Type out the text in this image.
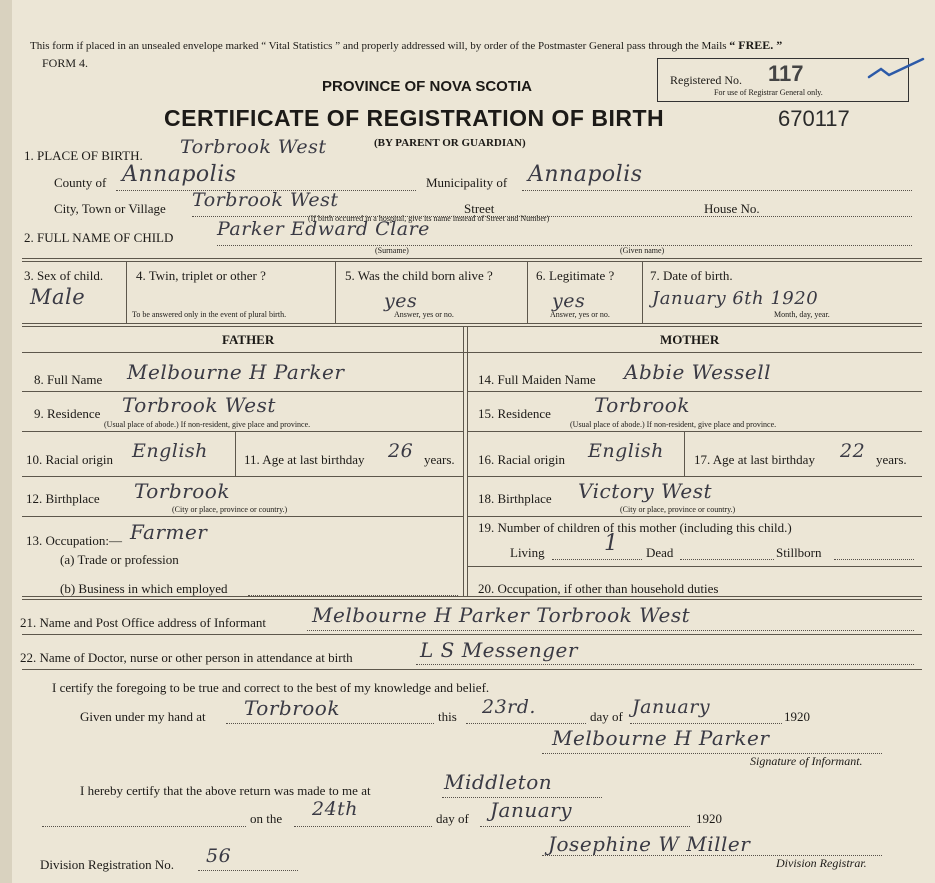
This form if placed in an unsealed envelope marked “ Vital Statistics ” and properly addressed will, by order of the Postmaster General pass through the Mails “ FREE. ”
FORM 4.
PROVINCE OF NOVA SCOTIA
CERTIFICATE OF REGISTRATION OF BIRTH	670117
(BY PARENT OR GUARDIAN)
Registered No. 117
For use of Registrar General only.
1. PLACE OF BIRTH. Torbrook West
County of Annapolis	Municipality of Annapolis
City, Town or Village Torbrook West	Street	House No.
(If birth occurred in a hospital, give its name instead of Street and Number)
2. FULL NAME OF CHILD Parker Edward Clare
(Surname)	(Given name)
3. Sex of child.
Male
4. Twin, triplet or other ?
To be answered only in the event of plural birth.
5. Was the child born alive ?
yes
Answer, yes or no.
6. Legitimate ?
yes
Answer, yes or no.
7. Date of birth.
January 6th 1920
Month, day, year.
FATHER	MOTHER
8. Full Name Melbourne H Parker	14. Full Maiden Name Abbie Wessell
9. Residence Torbrook West
(Usual place of abode.) If non-resident, give place and province.
15. Residence Torbrook
(Usual place of abode.) If non-resident, give place and province.
10. Racial origin English	11. Age at last birthday 26 years. 16. Racial origin English 17. Age at last birthday 22 years.
12. Birthplace Torbrook
(City or place, province or country.)
18. Birthplace Victory West
(City or place, province or country.)
13. Occupation:— Farmer
(a) Trade or profession
(b) Business in which employed
19. Number of children of this mother (including this child.)
Living	1 Dead	Stillborn
20. Occupation, if other than household duties
21. Name and Post Office address of Informant Melbourne H Parker Torbrook West
22. Name of Doctor, nurse or other person in attendance at birth	L S Messenger
I certify the foregoing to be true and correct to the best of my knowledge and belief.
Given under my hand at Torbrook	this 23rd.	day of January	1920
Melbourne H Parker
Signature of Informant.
I hereby certify that the above return was made to me at	Middleton
on the 24th	day of January	1920
Division Registration No. 56	Josephine W Miller
Division Registrar.
